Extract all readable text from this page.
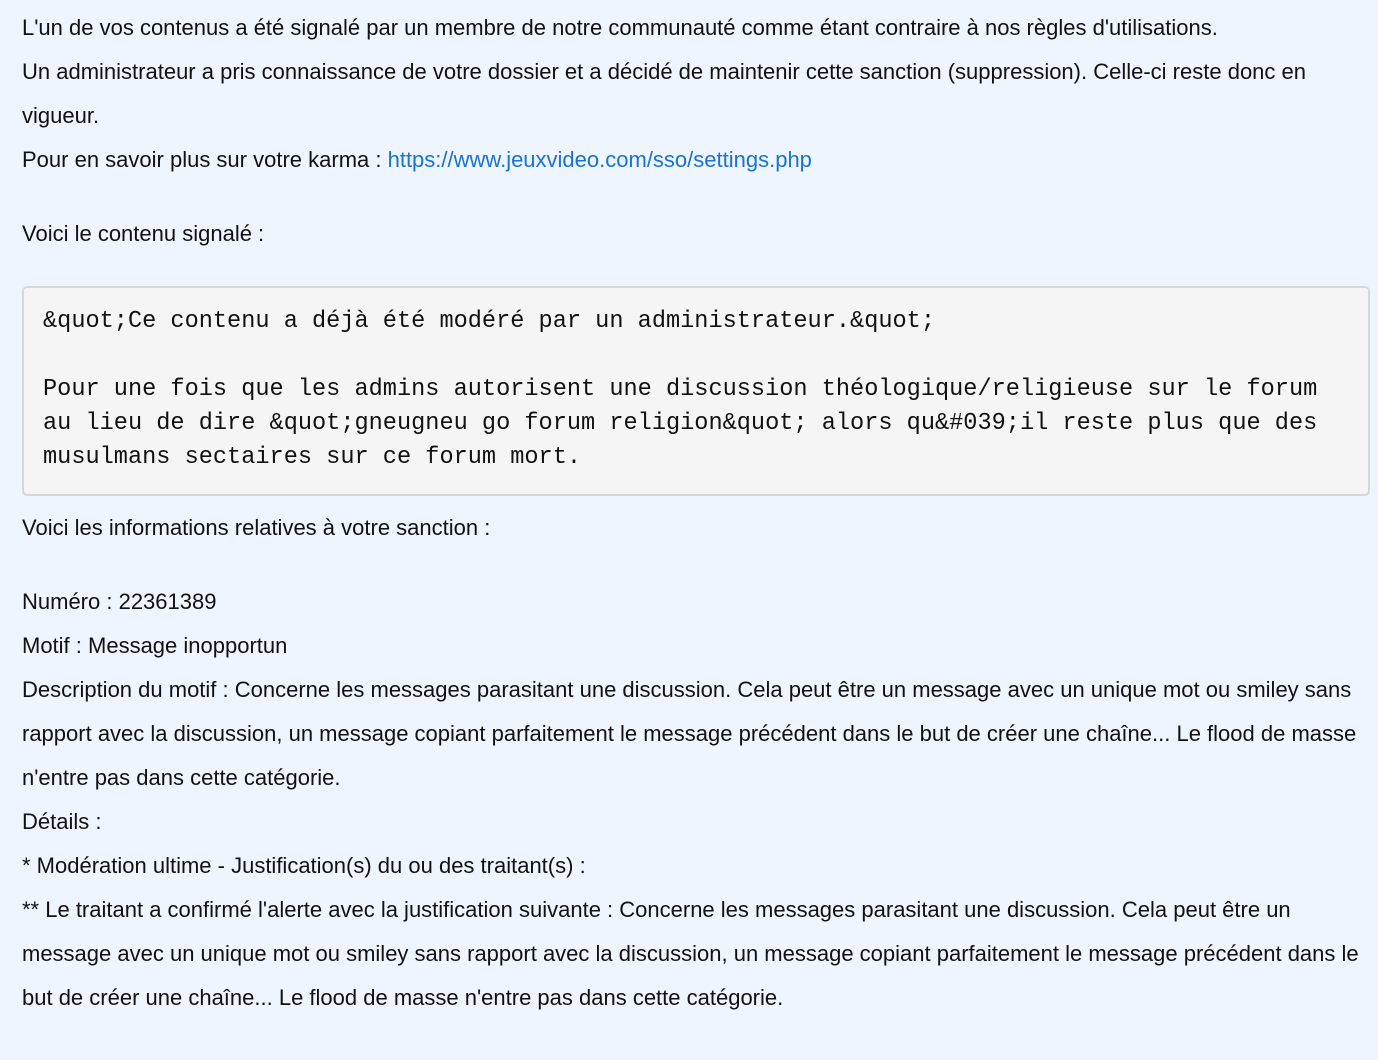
L'un de vos contenus a été signalé par un membre de notre communauté comme étant contraire à nos règles d'utilisations.

Un administrateur a pris connaissance de votre dossier et a décidé de maintenir cette sanction (suppression). Celle-ci reste donc en vigueur.

Pour en savoir plus sur votre karma : https://www.jeuxvideo.com/sso/settings.php

Voici le contenu signalé :

&quot;Ce contenu a déjà été modéré par un administrateur.&quot;

Pour une fois que les admins autorisent une discussion théologique/religieuse sur le forum au lieu de dire &quot;gneugneu go forum religion&quot; alors qu&#039;il reste plus que des musulmans sectaires sur ce forum mort.

Voici les informations relatives à votre sanction :

Numéro : 22361389

Motif : Message inopportun

Description du motif : Concerne les messages parasitant une discussion. Cela peut être un message avec un unique mot ou smiley sans rapport avec la discussion, un message copiant parfaitement le message précédent dans le but de créer une chaîne... Le flood de masse n'entre pas dans cette catégorie.

Détails :

* Modération ultime - Justification(s) du ou des traitant(s) :

** Le traitant a confirmé l'alerte avec la justification suivante : Concerne les messages parasitant une discussion. Cela peut être un message avec un unique mot ou smiley sans rapport avec la discussion, un message copiant parfaitement le message précédent dans le but de créer une chaîne... Le flood de masse n'entre pas dans cette catégorie.
